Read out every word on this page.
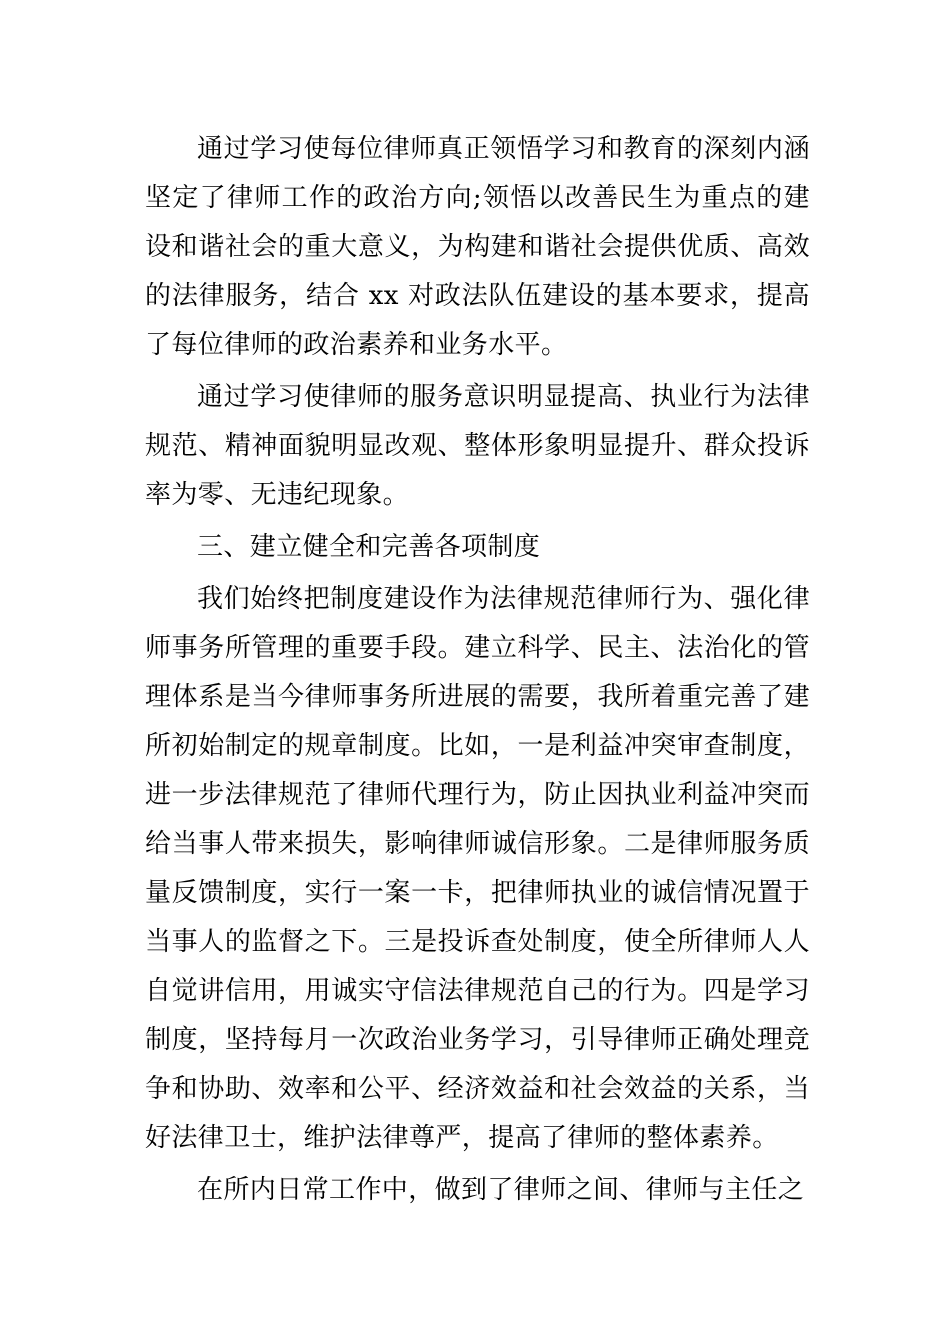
通过学习使每位律师真正领悟学习和教育的深刻内涵坚定了律师工作的政治方向;领悟以改善民生为重点的建设和谐社会的重大意义，为构建和谐社会提供优质、高效的法律服务，结合 xx 对政法队伍建设的基本要求，提高了每位律师的政治素养和业务水平。

通过学习使律师的服务意识明显提高、执业行为法律规范、精神面貌明显改观、整体形象明显提升、群众投诉率为零、无违纪现象。

三、建立健全和完善各项制度

我们始终把制度建设作为法律规范律师行为、强化律师事务所管理的重要手段。建立科学、民主、法治化的管理体系是当今律师事务所进展的需要，我所着重完善了建所初始制定的规章制度。比如，一是利益冲突审查制度，进一步法律规范了律师代理行为，防止因执业利益冲突而给当事人带来损失，影响律师诚信形象。二是律师服务质量反馈制度，实行一案一卡，把律师执业的诚信情况置于当事人的监督之下。三是投诉查处制度，使全所律师人人自觉讲信用，用诚实守信法律规范自己的行为。四是学习制度，坚持每月一次政治业务学习，引导律师正确处理竞争和协助、效率和公平、经济效益和社会效益的关系，当好法律卫士，维护法律尊严，提高了律师的整体素养。

在所内日常工作中，做到了律师之间、律师与主任之
